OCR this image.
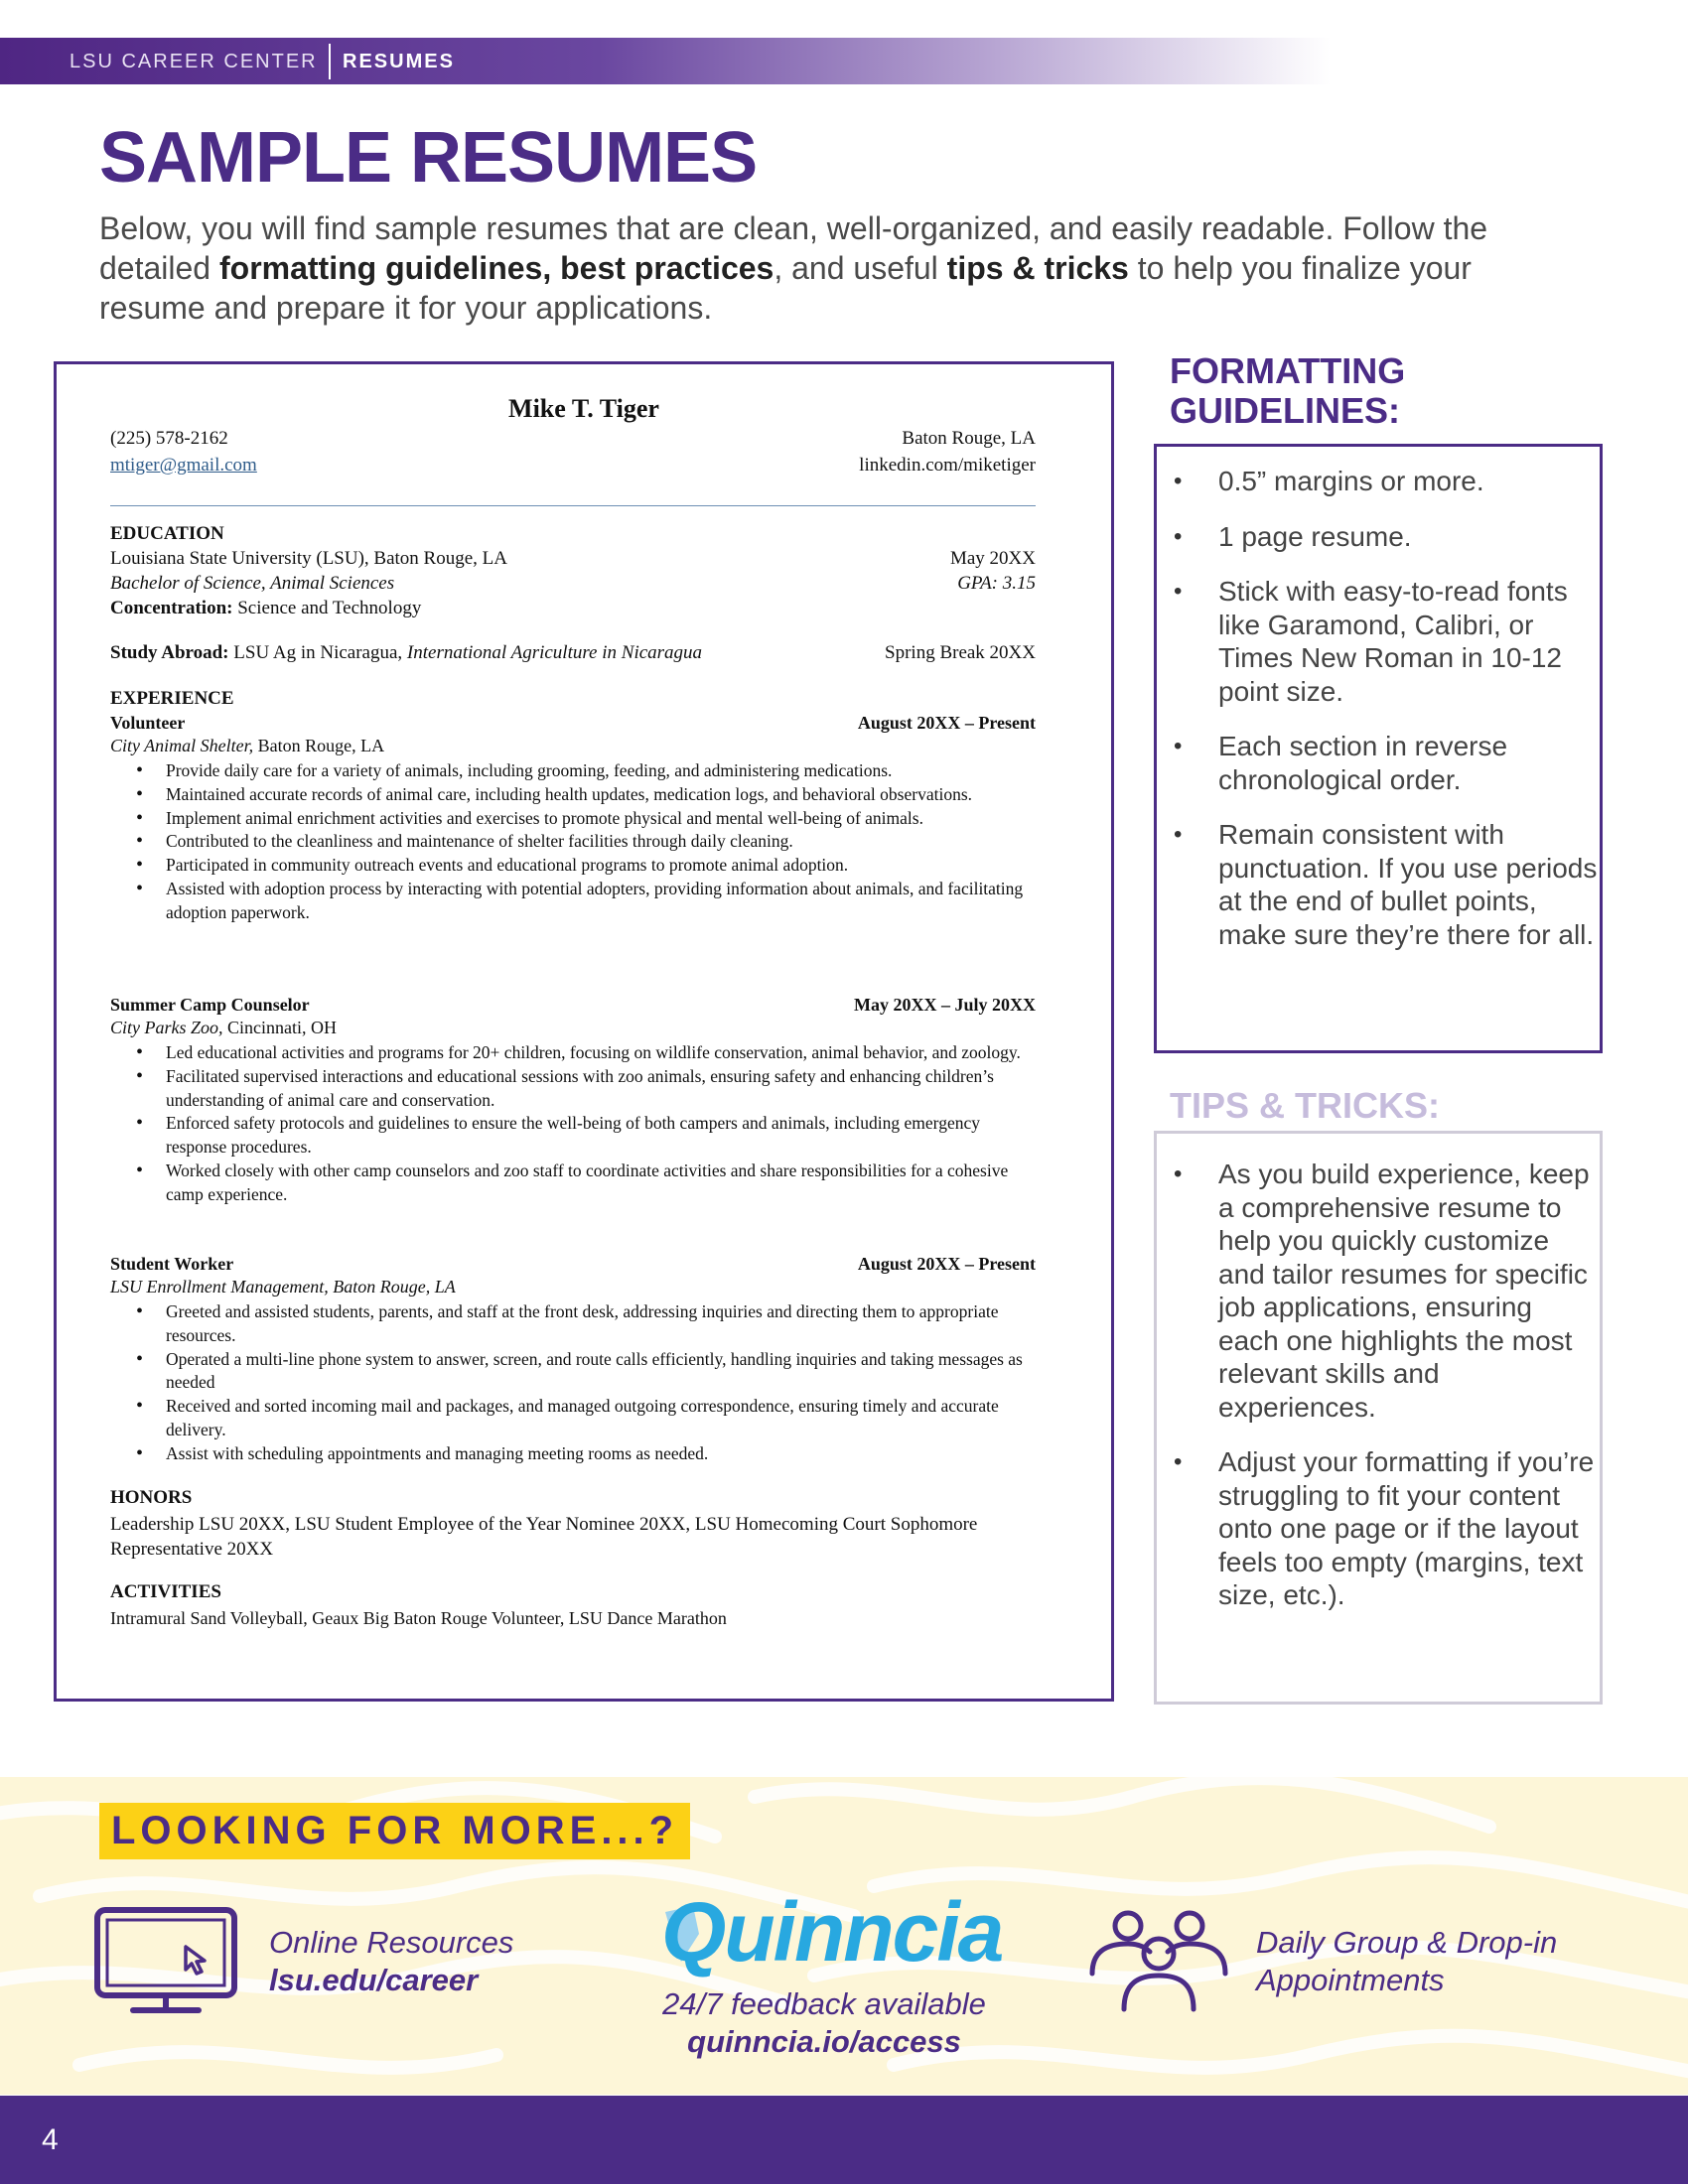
LSU CAREER CENTER RESUMES
SAMPLE RESUMES
Below, you will find sample resumes that are clean, well-organized, and easily readable. Follow the detailed formatting guidelines, best practices, and useful tips & tricks to help you finalize your resume and prepare it for your applications.
Mike T. Tiger
(225) 578-2162	Baton Rouge, LA
mtiger@gmail.com	linkedin.com/miketiger
EDUCATION
Louisiana State University (LSU), Baton Rouge, LA	May 20XX
Bachelor of Science, Animal Sciences	GPA: 3.15
Concentration: Science and Technology
Study Abroad: LSU Ag in Nicaragua, International Agriculture in Nicaragua	Spring Break 20XX
EXPERIENCE
Volunteer	August 20XX – Present
City Animal Shelter, Baton Rouge, LA
• Provide daily care for a variety of animals, including grooming, feeding, and administering medications.
• Maintained accurate records of animal care, including health updates, medication logs, and behavioral observations.
• Implement animal enrichment activities and exercises to promote physical and mental well-being of animals.
• Contributed to the cleanliness and maintenance of shelter facilities through daily cleaning.
• Participated in community outreach events and educational programs to promote animal adoption.
• Assisted with adoption process by interacting with potential adopters, providing information about animals, and facilitating adoption paperwork.
Summer Camp Counselor	May 20XX – July 20XX
City Parks Zoo, Cincinnati, OH
• Led educational activities and programs for 20+ children, focusing on wildlife conservation, animal behavior, and zoology.
• Facilitated supervised interactions and educational sessions with zoo animals, ensuring safety and enhancing children’s understanding of animal care and conservation.
• Enforced safety protocols and guidelines to ensure the well-being of both campers and animals, including emergency response procedures.
• Worked closely with other camp counselors and zoo staff to coordinate activities and share responsibilities for a cohesive camp experience.
Student Worker	August 20XX – Present
LSU Enrollment Management, Baton Rouge, LA
• Greeted and assisted students, parents, and staff at the front desk, addressing inquiries and directing them to appropriate resources.
• Operated a multi-line phone system to answer, screen, and route calls efficiently, handling inquiries and taking messages as needed
• Received and sorted incoming mail and packages, and managed outgoing correspondence, ensuring timely and accurate delivery.
• Assist with scheduling appointments and managing meeting rooms as needed.
HONORS
Leadership LSU 20XX, LSU Student Employee of the Year Nominee 20XX, LSU Homecoming Court Sophomore Representative 20XX
ACTIVITIES
Intramural Sand Volleyball, Geaux Big Baton Rouge Volunteer, LSU Dance Marathon
FORMATTING
GUIDELINES:
• 0.5” margins or more.
• 1 page resume.
• Stick with easy-to-read fonts like Garamond, Calibri, or Times New Roman in 10-12 point size.
• Each section in reverse chronological order.
• Remain consistent with punctuation. If you use periods at the end of bullet points, make sure they’re there for all.
TIPS & TRICKS:
• As you build experience, keep a comprehensive resume to help you quickly customize and tailor resumes for specific job applications, ensuring each one highlights the most relevant skills and experiences.
• Adjust your formatting if you’re struggling to fit your content onto one page or if the layout feels too empty (margins, text size, etc.).
LOOKING FOR MORE...?
Online Resources
lsu.edu/career
Quinncia
24/7 feedback available
quinncia.io/access
Daily Group & Drop-in
Appointments
4
